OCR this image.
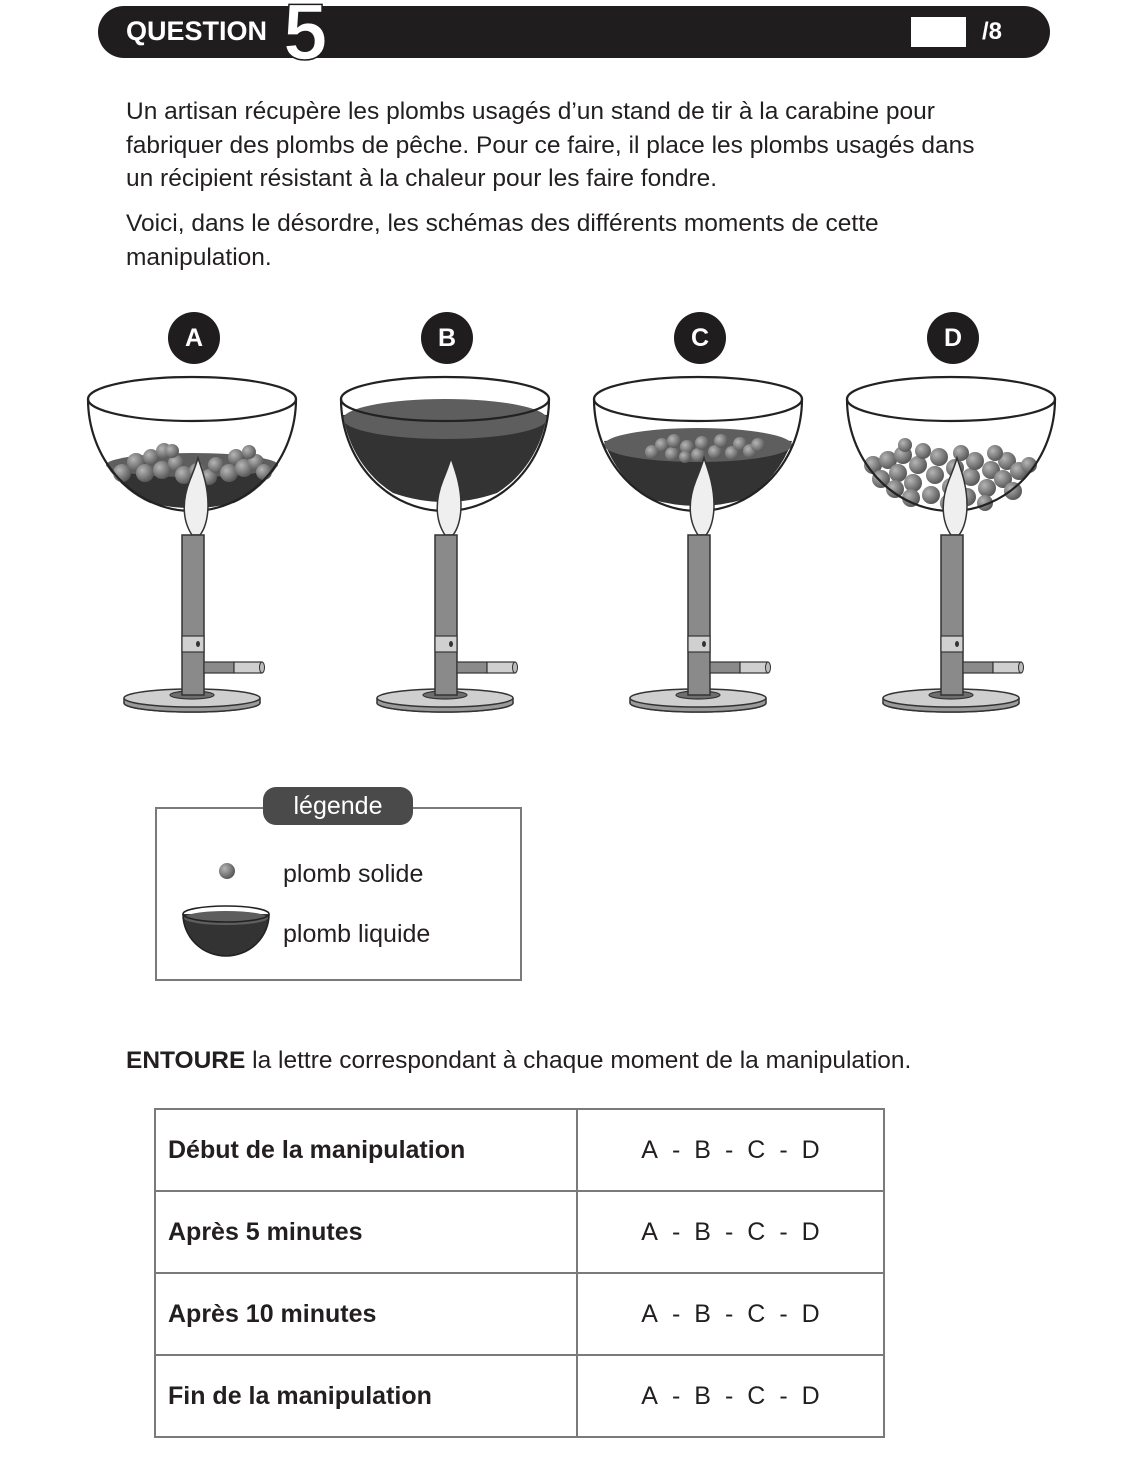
QUESTION 5	/8

Un artisan récupère les plombs usagés d’un stand de tir à la carabine pour fabriquer des plombs de pêche. Pour ce faire, il place les plombs usagés dans un récipient résistant à la chaleur pour les faire fondre.

Voici, dans le désordre, les schémas des différents moments de cette manipulation.

A	B	C	D
légende
plomb solide
plomb liquide
ENTOURE la lettre correspondant à chaque moment de la manipulation.
Début de la manipulation	A - B - C - D
Après 5 minutes	A - B - C - D
Après 10 minutes	A - B - C - D
Fin de la manipulation	A - B - C - D
